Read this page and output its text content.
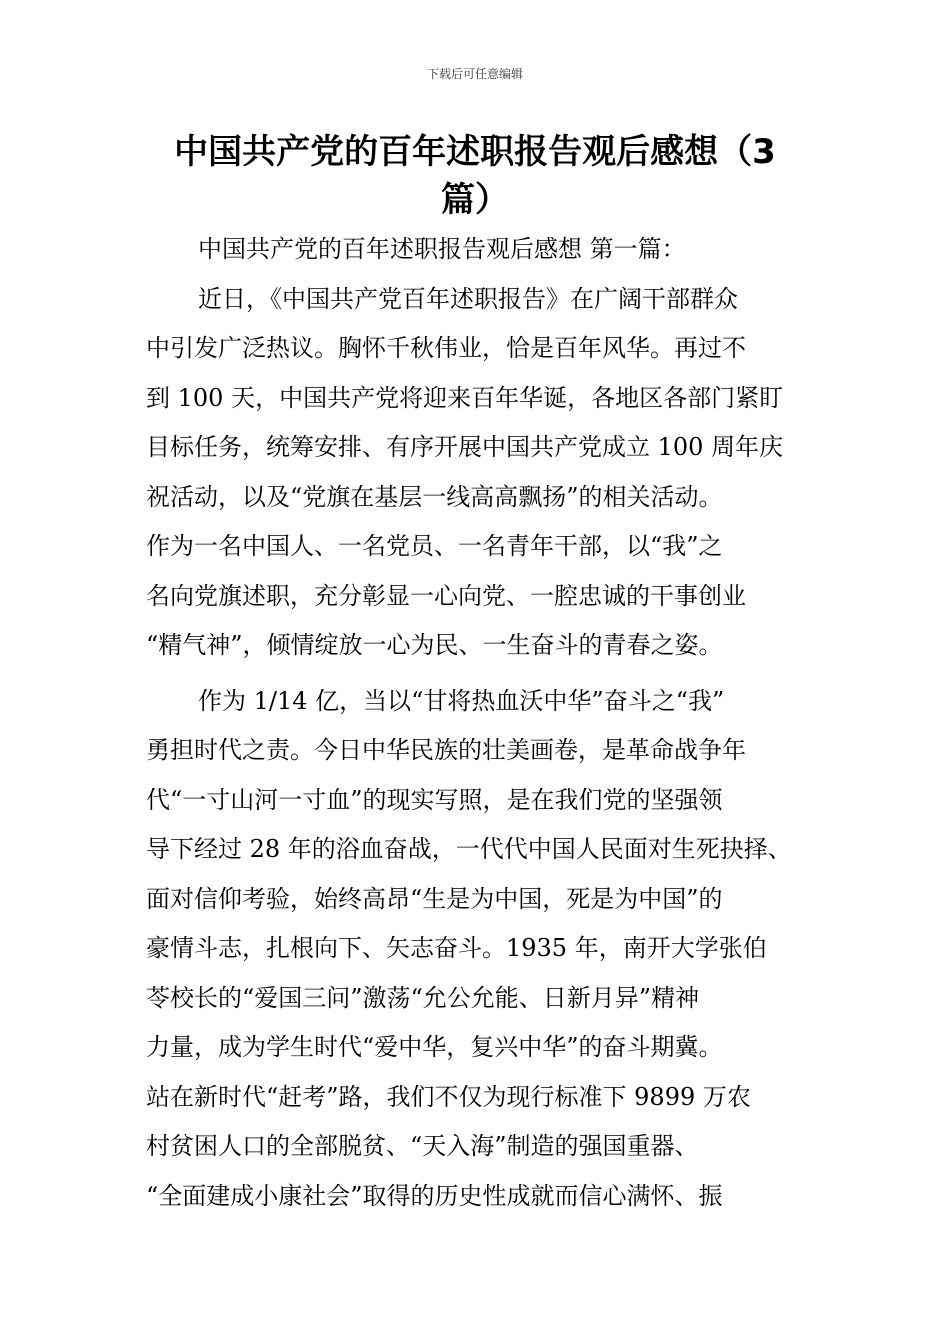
下载后可任意编辑
中国共产党的百年述职报告观后感想（3
篇）
中国共产党的百年述职报告观后感想 第一篇：
近日，《中国共产党百年述职报告》在广阔干部群众
中引发广泛热议。胸怀千秋伟业，恰是百年风华。再过不
到 100 天，中国共产党将迎来百年华诞，各地区各部门紧盯
目标任务，统筹安排、有序开展中国共产党成立 100 周年庆
祝活动，以及“党旗在基层一线高高飘扬”的相关活动。
作为一名中国人、一名党员、一名青年干部，以“我”之
名向党旗述职，充分彰显一心向党、一腔忠诚的干事创业
“精气神”，倾情绽放一心为民、一生奋斗的青春之姿。
作为 1/14 亿，当以“甘将热血沃中华”奋斗之“我”
勇担时代之责。今日中华民族的壮美画卷，是革命战争年
代“一寸山河一寸血”的现实写照，是在我们党的坚强领
导下经过 28 年的浴血奋战，一代代中国人民面对生死抉择、
面对信仰考验，始终高昂“生是为中国，死是为中国”的
豪情斗志，扎根向下、矢志奋斗。1935 年，南开大学张伯
苓校长的“爱国三问”激荡“允公允能、日新月异”精神
力量，成为学生时代“爱中华，复兴中华”的奋斗期冀。
站在新时代“赶考”路，我们不仅为现行标准下 9899 万农
村贫困人口的全部脱贫、“天入海”制造的强国重器、
“全面建成小康社会”取得的历史性成就而信心满怀、振
